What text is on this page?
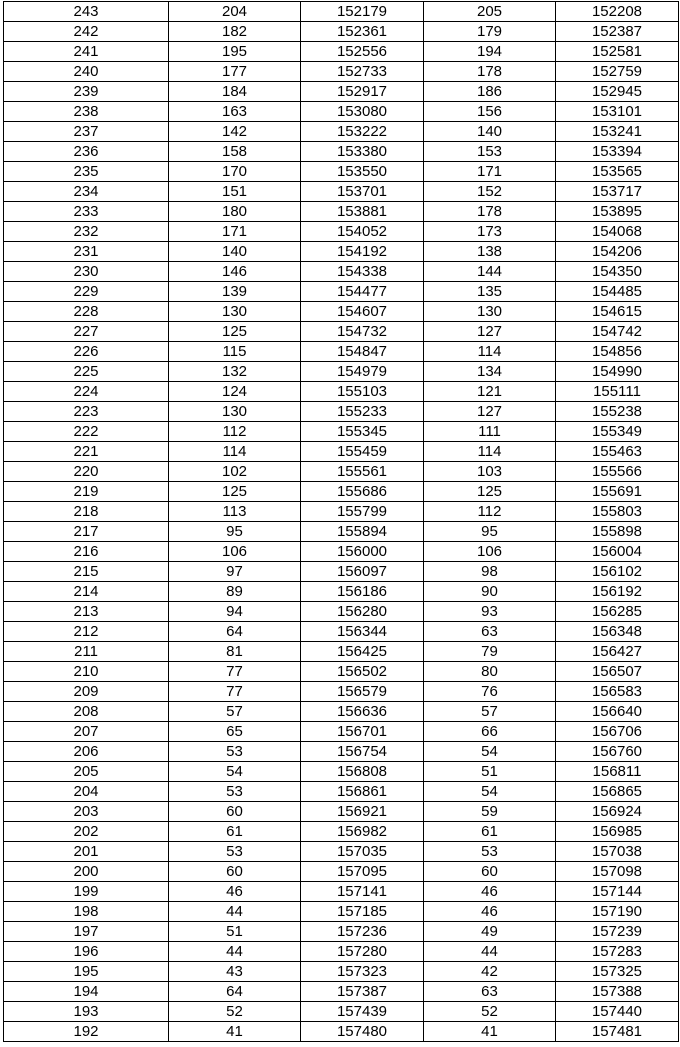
243	204	152179	205	152208
242	182	152361	179	152387
241	195	152556	194	152581
240	177	152733	178	152759
239	184	152917	186	152945
238	163	153080	156	153101
237	142	153222	140	153241
236	158	153380	153	153394
235	170	153550	171	153565
234	151	153701	152	153717
233	180	153881	178	153895
232	171	154052	173	154068
231	140	154192	138	154206
230	146	154338	144	154350
229	139	154477	135	154485
228	130	154607	130	154615
227	125	154732	127	154742
226	115	154847	114	154856
225	132	154979	134	154990
224	124	155103	121	155111
223	130	155233	127	155238
222	112	155345	111	155349
221	114	155459	114	155463
220	102	155561	103	155566
219	125	155686	125	155691
218	113	155799	112	155803
217	95	155894	95	155898
216	106	156000	106	156004
215	97	156097	98	156102
214	89	156186	90	156192
213	94	156280	93	156285
212	64	156344	63	156348
211	81	156425	79	156427
210	77	156502	80	156507
209	77	156579	76	156583
208	57	156636	57	156640
207	65	156701	66	156706
206	53	156754	54	156760
205	54	156808	51	156811
204	53	156861	54	156865
203	60	156921	59	156924
202	61	156982	61	156985
201	53	157035	53	157038
200	60	157095	60	157098
199	46	157141	46	157144
198	44	157185	46	157190
197	51	157236	49	157239
196	44	157280	44	157283
195	43	157323	42	157325
194	64	157387	63	157388
193	52	157439	52	157440
192	41	157480	41	157481
